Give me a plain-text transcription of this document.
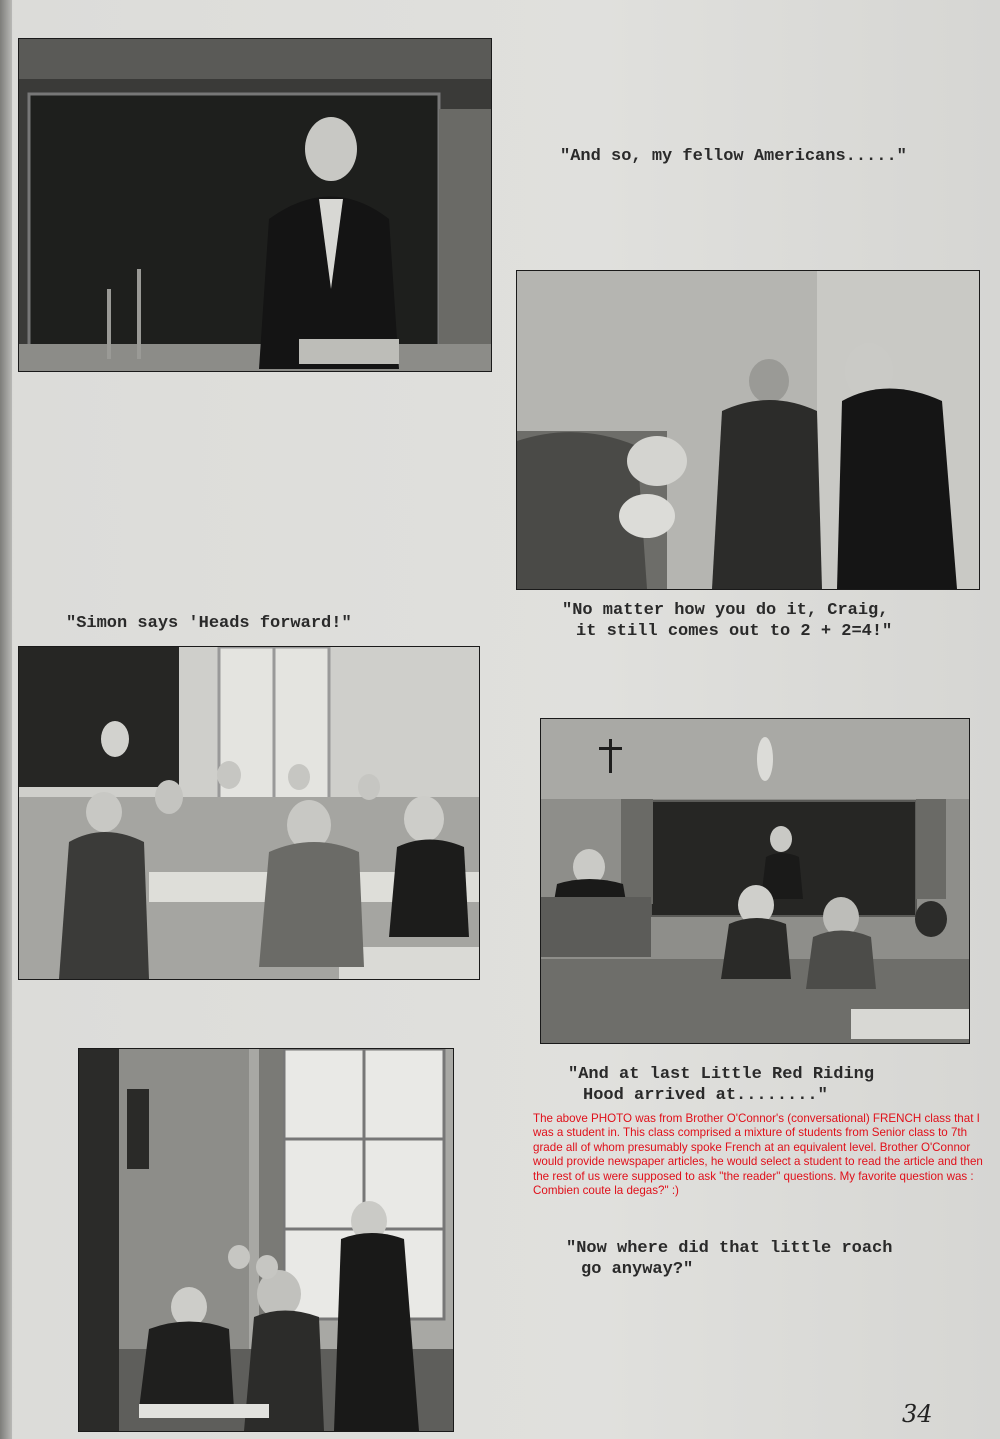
"And so, my fellow Americans....."
"Simon says 'Heads forward!"
"No matter how you do it, Craig,
it still comes out to 2 + 2=4!"
"And at last Little Red Riding
Hood arrived at........"
The above PHOTO was from Brother O'Connor's (conversational) FRENCH class that I was a student in. This class comprised a mixture of students from Senior class to 7th grade all of whom presumably spoke French at an equivalent level. Brother O'Connor would provide newspaper articles, he would select a student to read the article and then the rest of us were supposed to ask "the reader" questions. My favorite question was : Combien coute la degas?" :)
"Now where did that little roach
go anyway?"
34
